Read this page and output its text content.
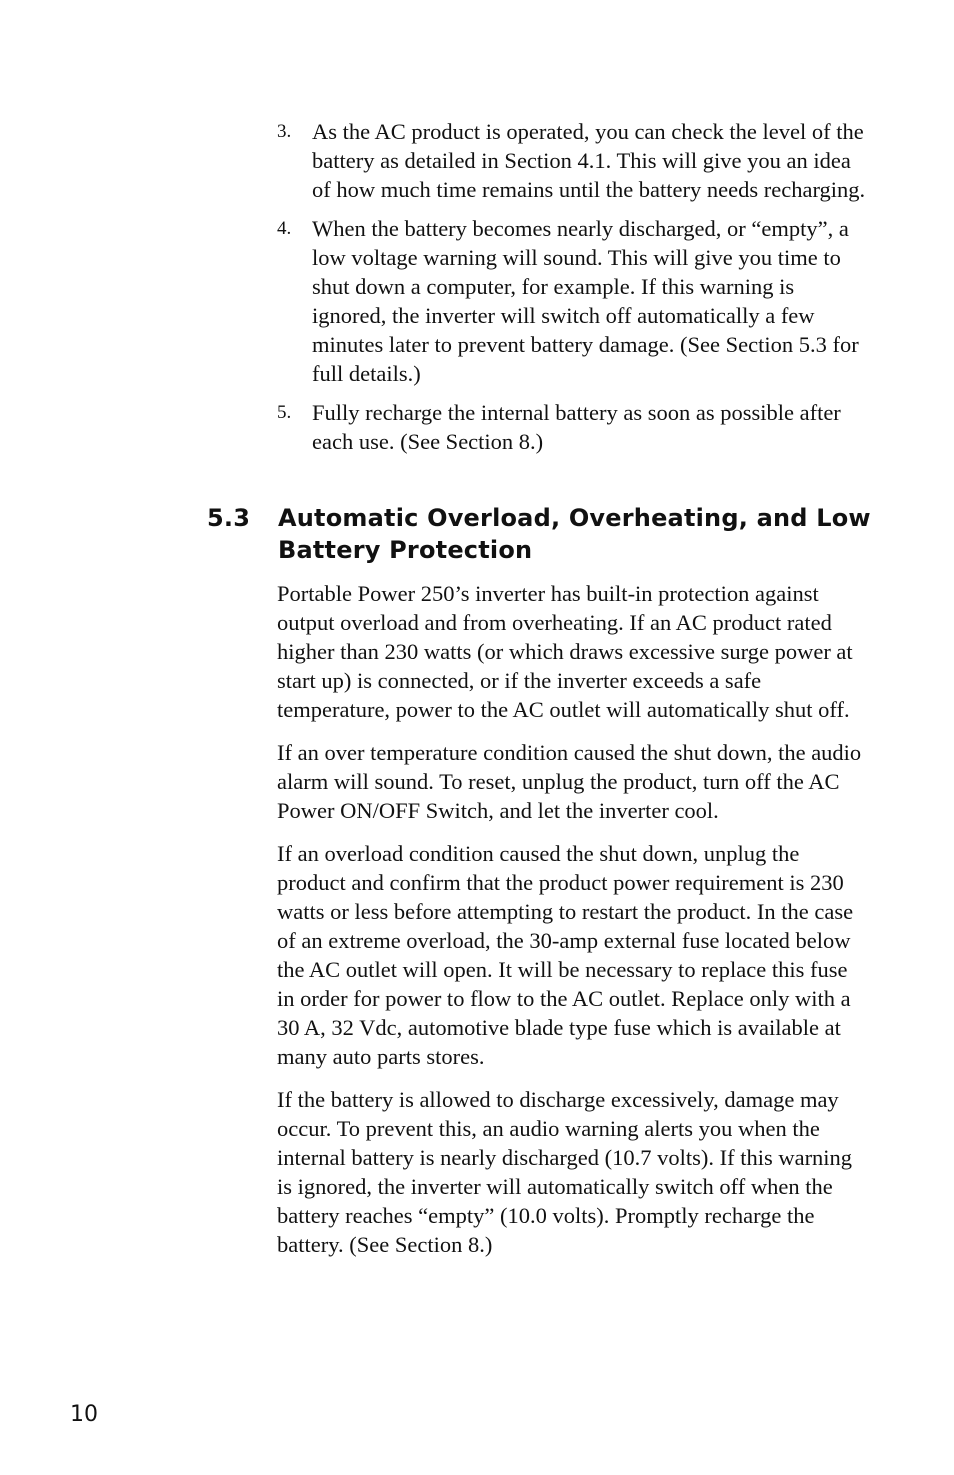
3. As the AC product is operated, you can check the level of the battery as detailed in Section 4.1. This will give you an idea of how much time remains until the battery needs recharging.
4. When the battery becomes nearly discharged, or “empty”, a low voltage warning will sound. This will give you time to shut down a computer, for example. If this warning is ignored, the inverter will switch off automatically a few minutes later to prevent battery damage. (See Section 5.3 for full details.)
5. Fully recharge the internal battery as soon as possible after each use. (See Section 8.)
5.3 Automatic Overload, Overheating, and Low Battery Protection

Portable Power 250’s inverter has built-in protection against output overload and from overheating. If an AC product rated higher than 230 watts (or which draws excessive surge power at start up) is connected, or if the inverter exceeds a safe temperature, power to the AC outlet will automatically shut off.

If an over temperature condition caused the shut down, the audio alarm will sound. To reset, unplug the product, turn off the AC Power ON/OFF Switch, and let the inverter cool.

If an overload condition caused the shut down, unplug the product and confirm that the product power requirement is 230 watts or less before attempting to restart the product. In the case of an extreme overload, the 30-amp external fuse located below the AC outlet will open. It will be necessary to replace this fuse in order for power to flow to the AC outlet. Replace only with a 30 A, 32 Vdc, automotive blade type fuse which is available at many auto parts stores.

If the battery is allowed to discharge excessively, damage may occur. To prevent this, an audio warning alerts you when the internal battery is nearly discharged (10.7 volts). If this warning is ignored, the inverter will automatically switch off when the battery reaches “empty” (10.0 volts). Promptly recharge the battery. (See Section 8.)

10
